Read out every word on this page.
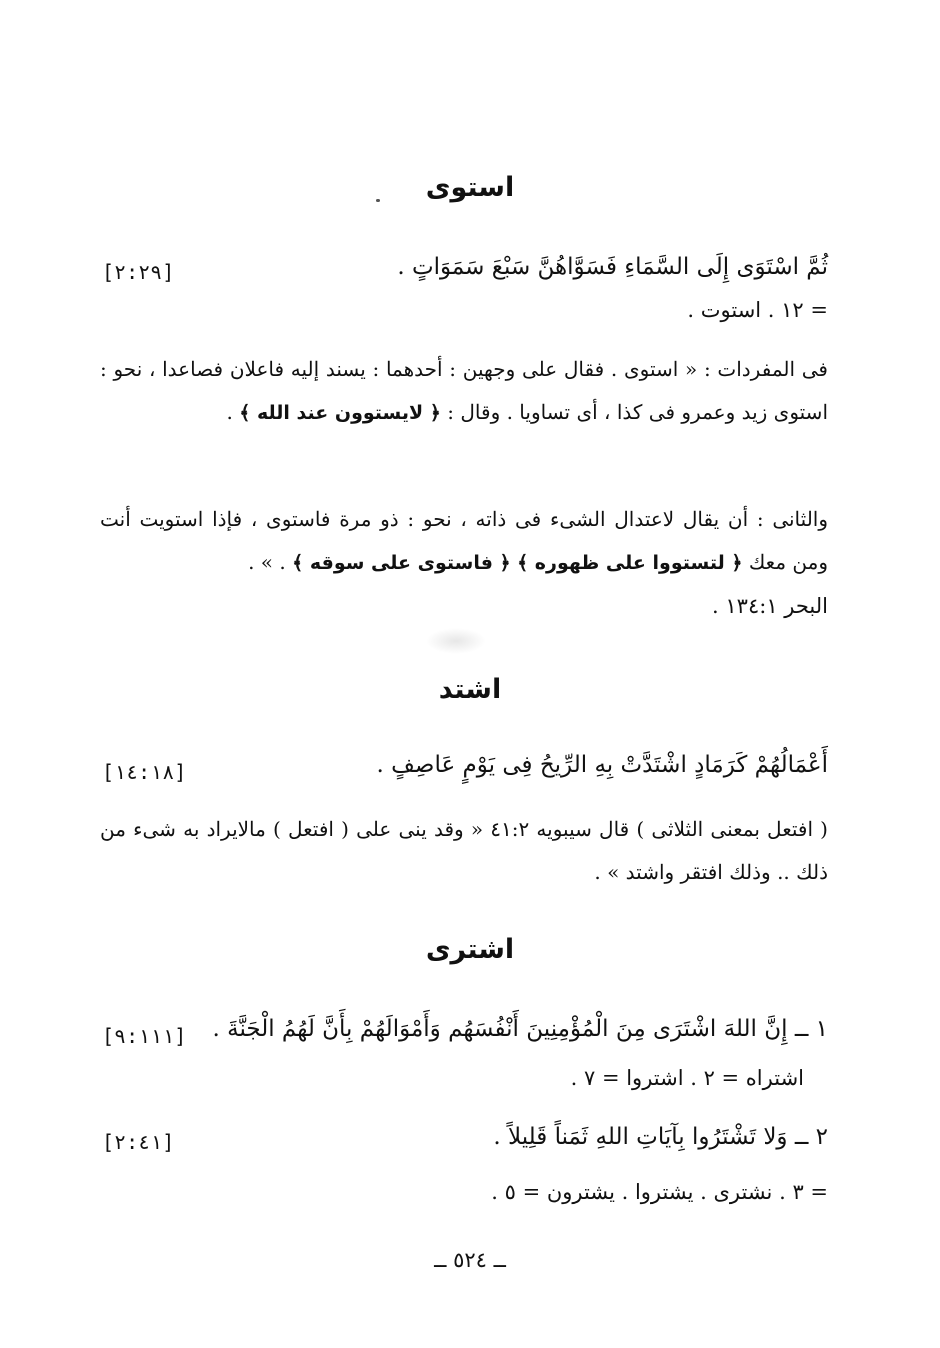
استوى
ثُمَّ اسْتَوَى إِلَى السَّمَاءِ فَسَوَّاهُنَّ سَبْعَ سَمَوَاتٍ .
[٢:٢٩]
= ١٢ . استوت .
فى المفردات : « استوى . فقال على وجهين : أحدهما : يسند إليه فاعلان فصاعدا ، نحو : استوى زيد وعمرو فى كذا ، أى تساويا . وقال : ﴿ لايستوون عند الله ﴾ .
والثانى : أن يقال لاعتدال الشىء فى ذاته ، نحو : ذو مرة فاستوى ، فإذا استويت أنت ومن معك ﴿ لتستووا على ظهوره ﴾ ﴿ فاستوى على سوقه ﴾ . » .
البحر ١٣٤:١ .
اشتد
أَعْمَالُهُمْ كَرَمَادٍ اشْتَدَّتْ بِهِ الرِّيحُ فِى يَوْمٍ عَاصِفٍ .
[١٤:١٨]
( افتعل بمعنى الثلاثى ) قال سيبويه ٤١:٢ « وقد ينى على ( افتعل ) مالايراد به شىء من ذلك .. وذلك افتقر واشتد » .
اشترى
١ ــ إِنَّ اللهَ اشْتَرَى مِنَ الْمُؤْمِنِينَ أَنْفُسَهُم وَأَمْوَالَهُمْ بِأَنَّ لَهُمُ الْجَنَّةَ .
[٩:١١١]
اشتراه = ٢ . اشتروا = ٧ .
٢ ــ وَلا تَشْتَرُوا بِآيَاتِ اللهِ ثَمَناً قَلِيلاً .
[٢:٤١]
= ٣ . نشترى . يشتروا . يشترون = ٥ .
ــ ٥٢٤ ــ
